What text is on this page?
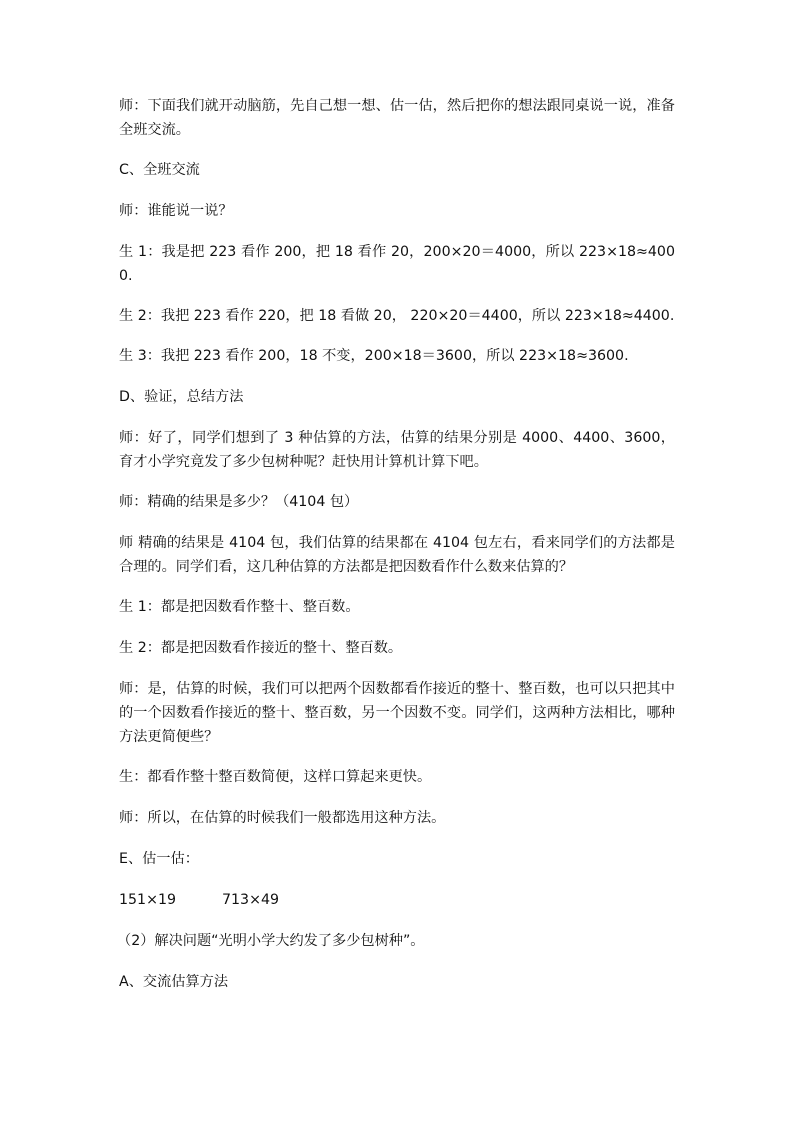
师：下面我们就开动脑筋，先自己想一想、估一估，然后把你的想法跟同桌说一说，准备全班交流。

C、全班交流

师：谁能说一说？

生 1：我是把 223 看作 200，把 18 看作 20，200×20＝4000，所以 223×18≈4000.

生 2：我把 223 看作 220，把 18 看做 20， 220×20＝4400，所以 223×18≈4400.

生 3：我把 223 看作 200，18 不变，200×18＝3600，所以 223×18≈3600.

D、验证，总结方法

师：好了，同学们想到了 3 种估算的方法，估算的结果分别是 4000、4400、3600，育才小学究竟发了多少包树种呢？赶快用计算机计算下吧。

师：精确的结果是多少？（4104 包）

师 精确的结果是 4104 包，我们估算的结果都在 4104 包左右，看来同学们的方法都是合理的。同学们看，这几种估算的方法都是把因数看作什么数来估算的？

生 1：都是把因数看作整十、整百数。

生 2：都是把因数看作接近的整十、整百数。

师：是，估算的时候，我们可以把两个因数都看作接近的整十、整百数，也可以只把其中的一个因数看作接近的整十、整百数，另一个因数不变。同学们，这两种方法相比，哪种方法更简便些？

生：都看作整十整百数简便，这样口算起来更快。

师：所以，在估算的时候我们一般都选用这种方法。

E、估一估：

151×19	713×49

（2）解决问题“光明小学大约发了多少包树种”。

A、交流估算方法
